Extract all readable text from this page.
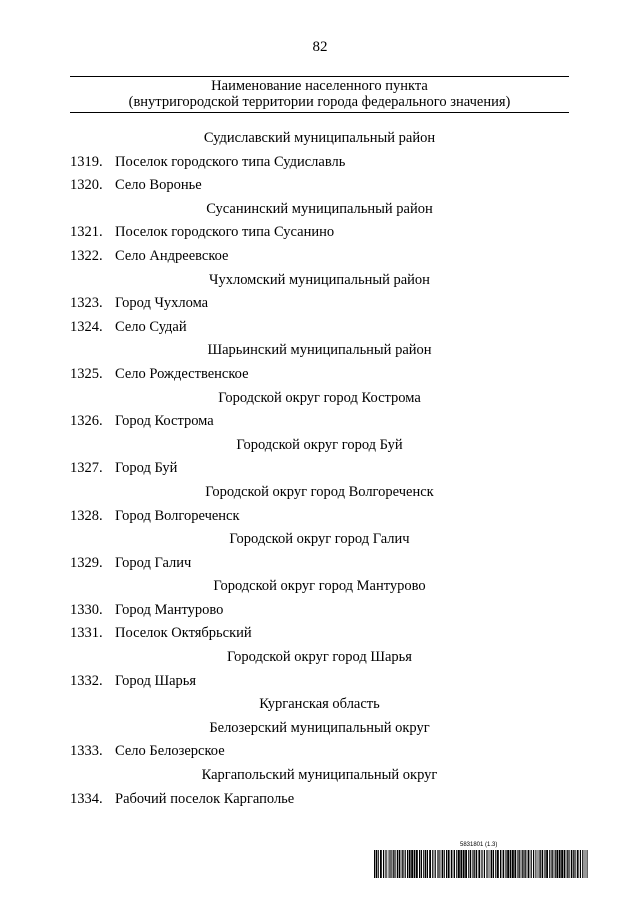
82
Наименование населенного пункта
(внутригородской территории города федерального значения)
Судиславский муниципальный район
1319. Поселок городского типа Судиславль
1320. Село Воронье
Сусанинский муниципальный район
1321. Поселок городского типа Сусанино
1322. Село Андреевское
Чухломский муниципальный район
1323. Город Чухлома
1324. Село Судай
Шарьинский муниципальный район
1325. Село Рождественское
Городской округ город Кострома
1326. Город Кострома
Городской округ город Буй
1327. Город Буй
Городской округ город Волгореченск
1328. Город Волгореченск
Городской округ город Галич
1329. Город Галич
Городской округ город Мантурово
1330. Город Мантурово
1331. Поселок Октябрьский
Городской округ город Шарья
1332. Город Шарья
Курганская область
Белозерский муниципальный округ
1333. Село Белозерское
Каргапольский муниципальный округ
1334. Рабочий поселок Каргаполье
5831801 (1.3)
